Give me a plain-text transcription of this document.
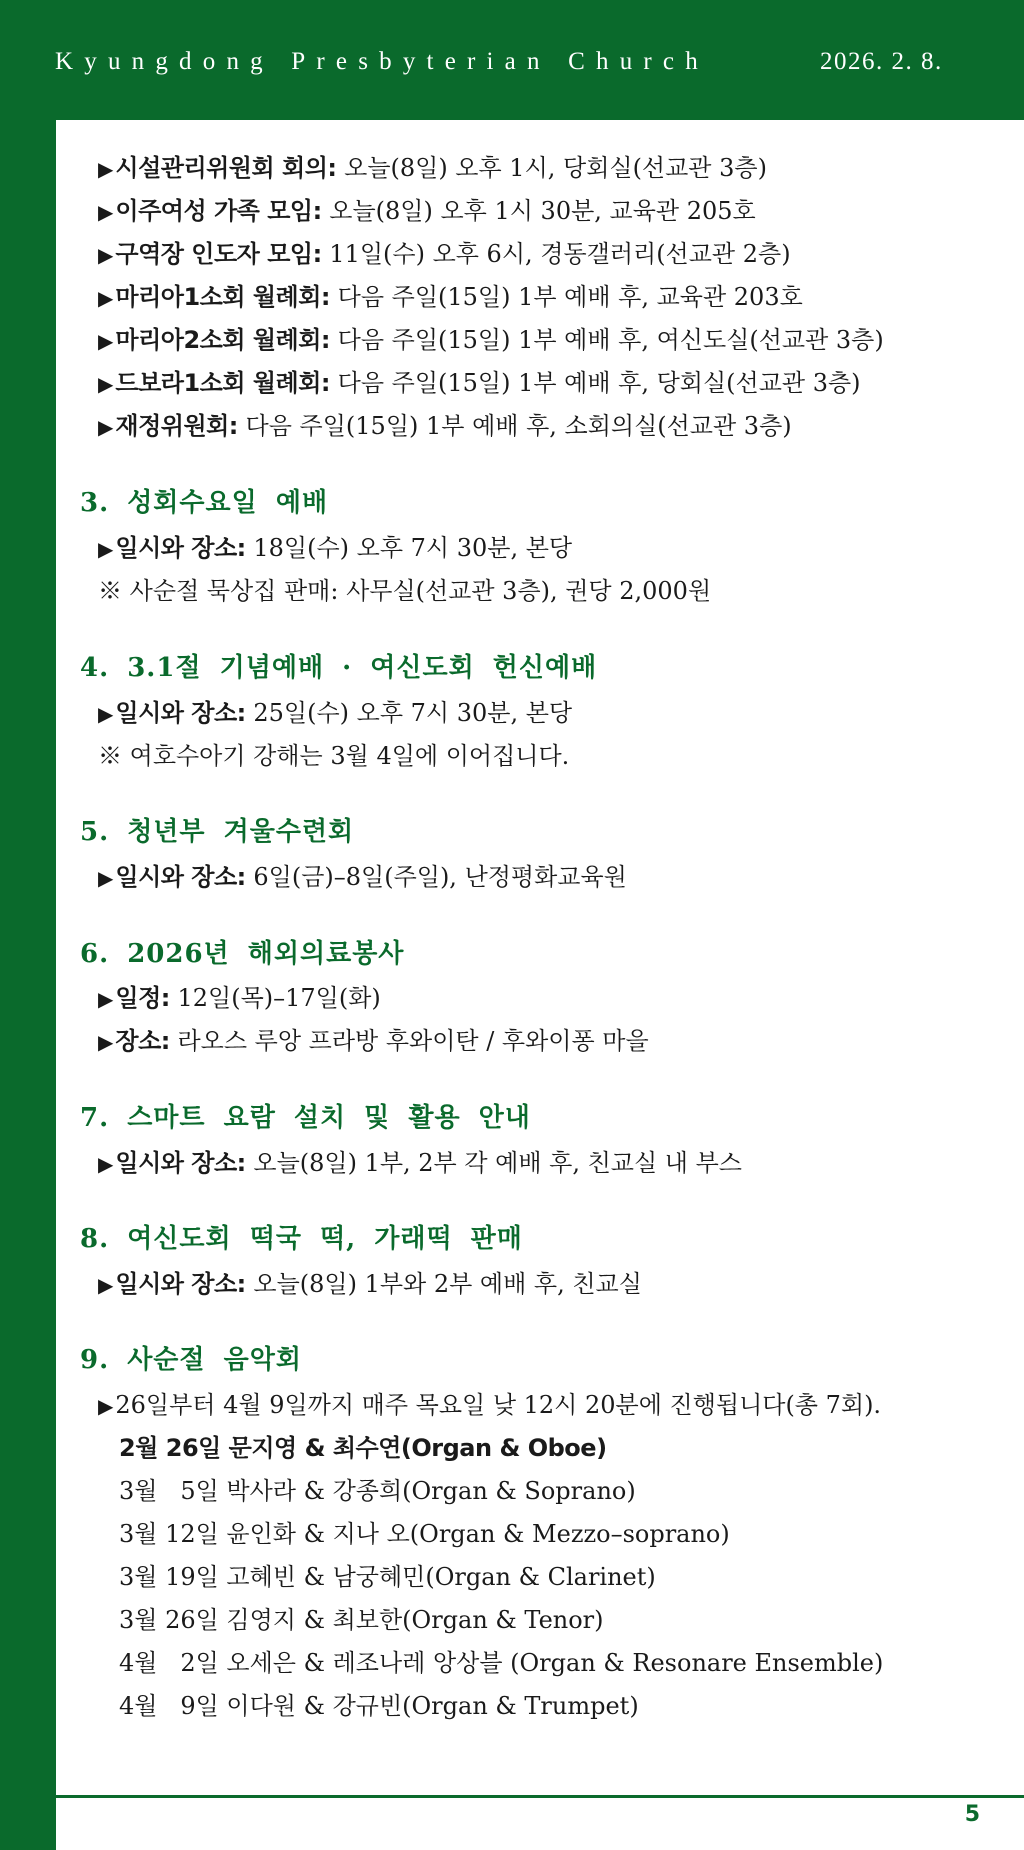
Kyungdong Presbyterian Church	2026. 2. 8.
▶시설관리위원회 회의: 오늘(8일) 오후 1시, 당회실(선교관 3층)
▶이주여성 가족 모임: 오늘(8일) 오후 1시 30분, 교육관 205호
▶구역장 인도자 모임: 11일(수) 오후 6시, 경동갤러리(선교관 2층)
▶마리아1소회 월례회: 다음 주일(15일) 1부 예배 후, 교육관 203호
▶마리아2소회 월례회: 다음 주일(15일) 1부 예배 후, 여신도실(선교관 3층)
▶드보라1소회 월례회: 다음 주일(15일) 1부 예배 후, 당회실(선교관 3층)
▶재정위원회: 다음 주일(15일) 1부 예배 후, 소회의실(선교관 3층)
3. 성회수요일 예배
▶일시와 장소: 18일(수) 오후 7시 30분, 본당
※ 사순절 묵상집 판매: 사무실(선교관 3층), 권당 2,000원
4. 3.1절 기념예배 · 여신도회 헌신예배
▶일시와 장소: 25일(수) 오후 7시 30분, 본당
※ 여호수아기 강해는 3월 4일에 이어집니다.
5. 청년부 겨울수련회
▶일시와 장소: 6일(금)–8일(주일), 난정평화교육원
6. 2026년 해외의료봉사
▶일정: 12일(목)–17일(화)
▶장소: 라오스 루앙 프라방 후와이탄 / 후와이퐁 마을
7. 스마트 요람 설치 및 활용 안내
▶일시와 장소: 오늘(8일) 1부, 2부 각 예배 후, 친교실 내 부스
8. 여신도회 떡국 떡, 가래떡 판매
▶일시와 장소: 오늘(8일) 1부와 2부 예배 후, 친교실
9. 사순절 음악회
▶26일부터 4월 9일까지 매주 목요일 낮 12시 20분에 진행됩니다(총 7회).
2월 26일 문지영 & 최수연(Organ & Oboe)
3월   5일 박사라 & 강종희(Organ & Soprano)
3월 12일 윤인화 & 지나 오(Organ & Mezzo–soprano)
3월 19일 고혜빈 & 남궁혜민(Organ & Clarinet)
3월 26일 김영지 & 최보한(Organ & Tenor)
4월   2일 오세은 & 레조나레 앙상블 (Organ & Resonare Ensemble)
4월   9일 이다원 & 강규빈(Organ & Trumpet)
5
